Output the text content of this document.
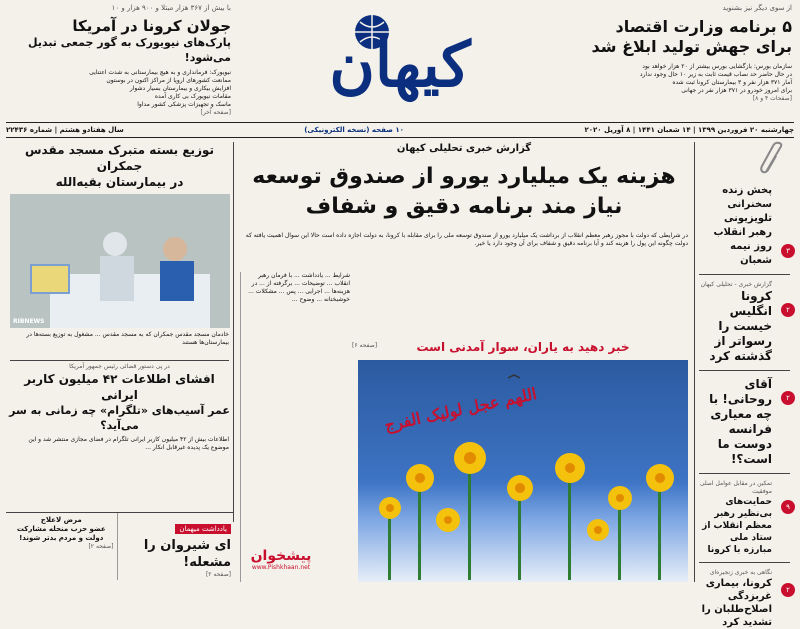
از سوی دیگر نیز بشنوید
۵ برنامه وزارت اقتصاد
برای جهش تولید ابلاغ شد
سازمان بورس: بازگشایی بورس بیشتر از ۲۰ هزار خواهد بود
در حال حاضر حد نصاب قیمت ثابت به زیر ۱۰ حال وجود ندارد
آمار ۳۷۱ هزار نفر و ۳ بیمارستان کرونا ثبت شده
برای امروز خودرو در ۳۷۱ هزار نفر در جهانی
[صفحات ۴ و ۸]
کیهان
با بیش از ۳۶۷ هزار مبتلا و ۹۰۰ هزار و ۱۰
جولان کرونا در آمریکا
پارک‌های نیویورک به گور جمعی تبدیل می‌شود!
نیویورک: فرمانداری و به هیچ بیمارستانی به شدت اعتنایی
ممانعت کشورهای اروپا از مراکز اکنون در بوستون
افزایش بیکاری و بیمارستان بسیار دشوار
مقامات نیویورک بی کاری آمده
ماسک و تجهیزات پزشکی کشور مداوا
[صفحه آخر]
چهارشنبه ۲۰ فروردین ۱۳۹۹ | ۱۴ شعبان ۱۴۴۱ | ۸ آوریل ۲۰۲۰
۱۰ صفحه (نسخه الکترونیکی)
سال هفتادو هشتم | شماره ۲۲۴۳۶
۳
پخش زنده سخنرانی تلویزیونی رهبر انقلاب روز نیمه شعبان
گزارش خبری - تحلیلی کیهان
۲
کرونا انگلیس خیست را رسوا‌تر از گذشته کرد
۲
آقای روحانی! با چه معیاری فرانسه دوست ما است؟!
تمکین در مقابل عوامل اصلی موفقیت
۹
حمایت‌های بی‌نظیر رهبر معظم انقلاب از ستاد ملی مبارزه با کرونا
نگاهی به خبری زنجیره‌ای
۲
کرونا، بیماری غربزدگی اصلاح‌طلبان را تشدید کرد
گزارش خبری تحلیلی کیهان
هزینه یک میلیارد یورو از صندوق توسعه
نیاز مند برنامه دقیق و شفاف
در شرایطی که دولت با مجوز رهبر معظم انقلاب از برداشت یک میلیارد یورو از صندوق توسعه ملی را برای مقابله با کرونا، به دولت اجازه داده است حالا این سوال اهمیت یافته که دولت چگونه این پول را هزینه کند و آیا برنامه دقیق و شفاف برای آن وجود دارد یا خیر.
خبر دهید به یاران، سوار آمدنی است
[صفحه ۶]
اللهم عجل لولیک الفرج
شرایط ... یادداشت ... با فرمان رهبر انقلاب ... توضیحات ... برگرفته از ... در هزینه‌ها ... اجرایی ... پس ... مشکلات ... خوشبختانه ... وضوح ...
توزیع بسته متبرک مسجد مقدس جمکران
در بیمارستان بقیه‌الله
RIBNEWS
خادمان مسجد مقدس جمکران که به مسجد مقدس ... مشغول به توزیع بسته‌ها در بیمارستان‌ها هستند
در پی دستور قضائی رئیس جمهور آمریکا
افشای اطلاعات ۴۲ میلیون کاربر ایرانی
عمر آسیب‌های «تلگرام» چه زمانی به سر می‌آید؟
اطلاعات بیش از ۴۲ میلیون کاربر ایرانی تلگرام در فضای مجازی منتشر شد و این موضوع یک پدیده غیرقابل انکار ...
یادداشت میهمان
ای شیروان را
مشعله!
[صفحه ۲]
مرض لاعلاج
عضو حزب منحله مشارکت
دولت و مردم بدتر شوند!
[صفحه ۲]
پیشخوان
www.Pishkhaan.net
